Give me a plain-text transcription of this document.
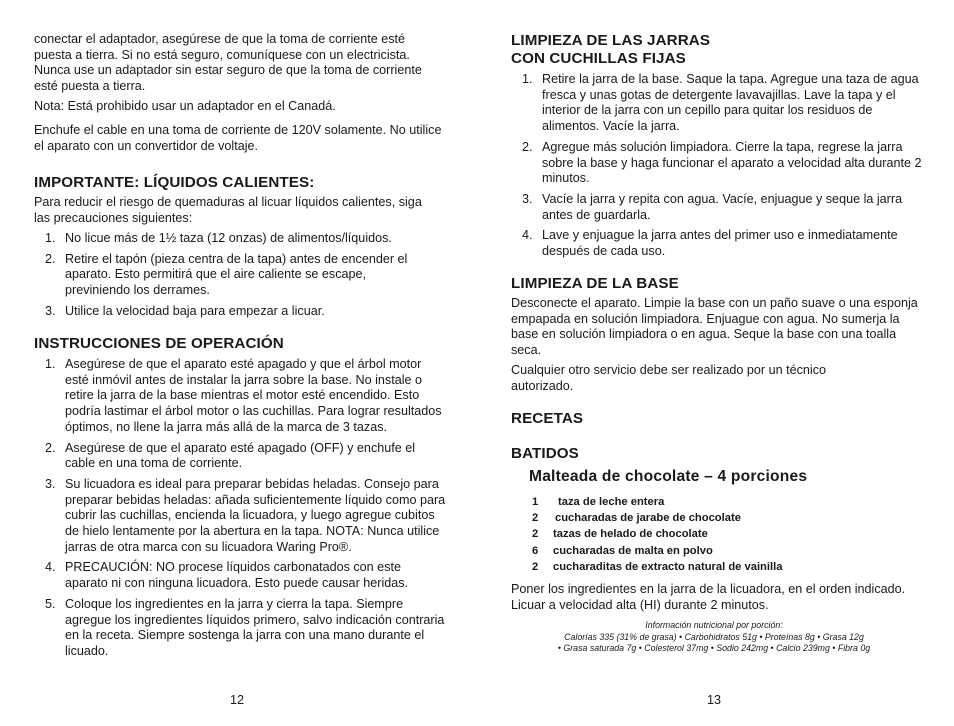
conectar el adaptador, asegúrese de que la toma de corriente esté puesta a tierra. Si no está seguro, comuníquese con un electricista. Nunca use un adaptador sin estar seguro de que la toma de corriente esté puesta a tierra.

Nota: Está prohibido usar un adaptador en el Canadá.

Enchufe el cable en una toma de corriente de 120V solamente. No utilice el aparato con un convertidor de voltaje.

IMPORTANTE: LÍQUIDOS CALIENTES:

Para reducir el riesgo de quemaduras al licuar líquidos calientes, siga las precauciones siguientes:

1. No licue más de 1½ taza (12 onzas) de alimentos/líquidos.
2. Retire el tapón (pieza centra de la tapa) antes de encender el aparato. Esto permitirá que el aire caliente se escape, previniendo los derrames.
3. Utilice la velocidad baja para empezar a licuar.
INSTRUCCIONES DE OPERACIÓN
1. Asegúrese de que el aparato esté apagado y que el árbol motor esté inmóvil antes de instalar la jarra sobre la base. No instale o retire la jarra de la base mientras el motor esté encendido. Esto podría lastimar el árbol motor o las cuchillas. Para lograr resultados óptimos, no llene la jarra más allá de la marca de 3 tazas.
2. Asegúrese de que el aparato esté apagado (OFF) y enchufe el cable en una toma de corriente.
3. Su licuadora es ideal para preparar bebidas heladas. Consejo para preparar bebidas heladas: añada suficientemente líquido como para cubrir las cuchillas, encienda la licuadora, y luego agregue cubitos de hielo lentamente por la abertura en la tapa. NOTA: Nunca utilice jarras de otra marca con su licuadora Waring Pro®.
4. PRECAUCIÓN: NO procese líquidos carbonatados con este aparato ni con ninguna licuadora. Esto puede causar heridas.
5. Coloque los ingredientes en la jarra y cierra la tapa. Siempre agregue los ingredientes líquidos primero, salvo indicación contraria en la receta. Siempre sostenga la jarra con una mano durante el licuado.
12
LIMPIEZA DE LAS JARRAS
CON CUCHILLAS FIJAS
1. Retire la jarra de la base. Saque la tapa. Agregue una taza de agua fresca y unas gotas de detergente lavavajillas. Lave la tapa y el interior de la jarra con un cepillo para quitar los residuos de alimentos. Vacíe la jarra.
2. Agregue más solución limpiadora. Cierre la tapa, regrese la jarra sobre la base y haga funcionar el aparato a velocidad alta durante 2 minutos.
3. Vacíe la jarra y repita con agua. Vacíe, enjuague y seque la jarra antes de guardarla.
4. Lave y enjuague la jarra antes del primer uso e inmediatamente después de cada uso.
LIMPIEZA DE LA BASE

Desconecte el aparato. Limpie la base con un paño suave o una esponja empapada en solución limpiadora. Enjuague con agua. No sumerja la base en solución limpiadora o en agua. Seque la base con una toalla seca.

Cualquier otro servicio debe ser realizado por un técnico autorizado.

RECETAS
BATIDOS
Malteada de chocolate – 4 porciones
1 taza de leche entera
2 cucharadas de jarabe de chocolate
2 tazas de helado de chocolate
6 cucharadas de malta en polvo
2 cucharaditas de extracto natural de vainilla

Poner los ingredientes en la jarra de la licuadora, en el orden indicado. Licuar a velocidad alta (HI) durante 2 minutos.

Información nutricional por porción:
Calorías 335 (31% de grasa) • Carbohidratos 51g • Proteínas 8g • Grasa 12g
• Grasa saturada 7g • Colesterol 37mg • Sodio 242mg • Calcio 239mg • Fibra 0g
13
